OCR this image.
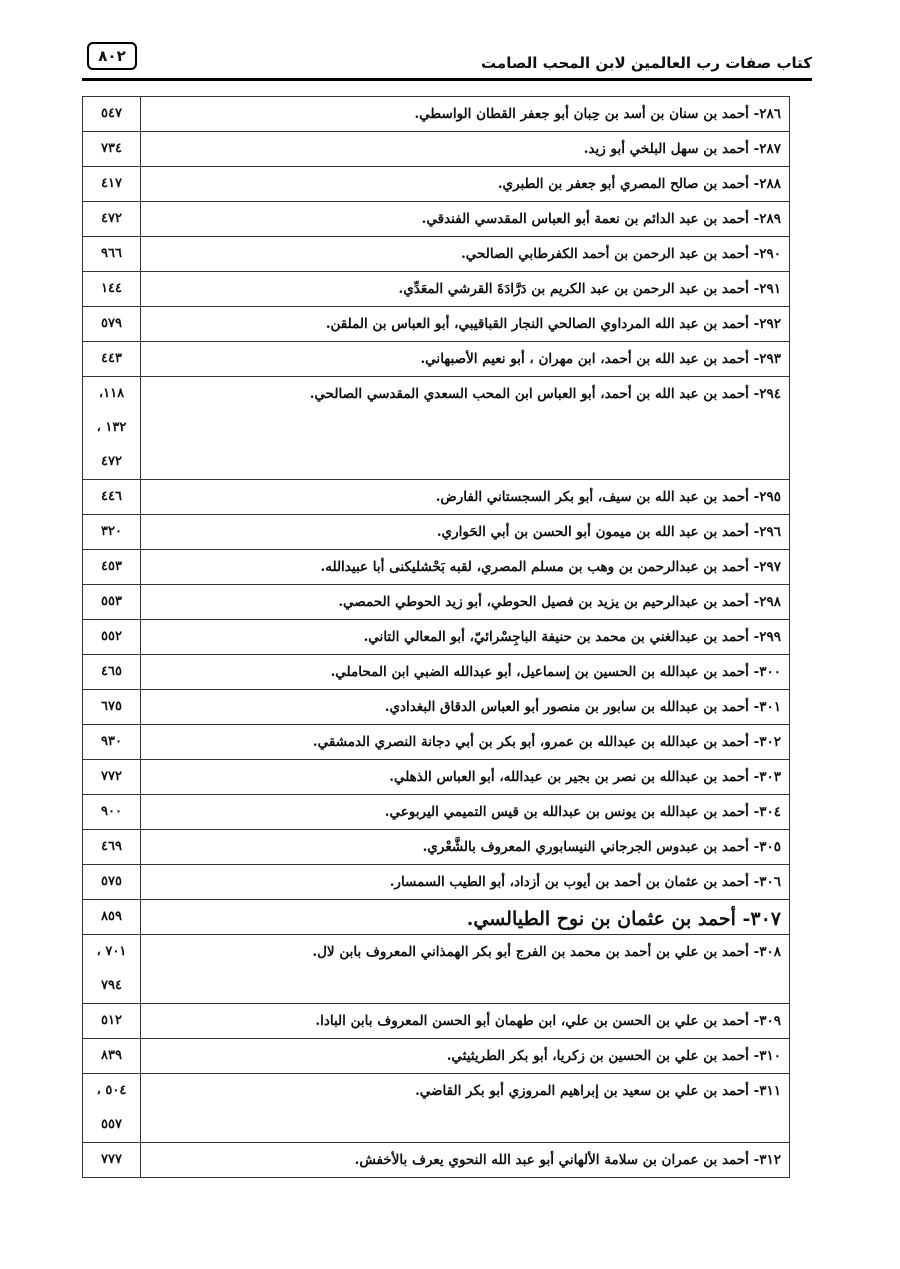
كتاب صفات رب العالمين لابن المحب الصامت
٨٠٢
٢٨٦- أحمد بن سنان بن أسد بن حِبان أبو جعفر القطان الواسطي.	٥٤٧

٢٨٧- أحمد بن سهل البلخي أبو زيد.	٧٣٤

٢٨٨- أحمد بن صالح المصري أبو جعفر بن الطبري.	٤١٧

٢٨٩- أحمد بن عبد الدائم بن نعمة أبو العباس المقدسي الفندقي.	٤٧٢

٢٩٠- أحمد بن عبد الرحمن بن أحمد الكفرطابي الصالحي.	٩٦٦

٢٩١- أحمد بن عبد الرحمن بن عبد الكريم بن دَرَّادَةَ القرشي المعَدِّي.	١٤٤

٢٩٢- أحمد بن عبد الله المرداوي الصالحي النجار القباقيبي، أبو العباس بن الملقن.	٥٧٩

٢٩٣- أحمد بن عبد الله بن أحمد، ابن مهران ، أبو نعيم الأصبهاني.	٤٤٣

٢٩٤- أحمد بن عبد الله بن أحمد، أبو العباس ابن المحب السعدي المقدسي الصالحي.	١١٨،
١٣٢ ،
٤٧٢

٢٩٥- أحمد بن عبد الله بن سيف، أبو بكر السجستاني الفارض.	٤٤٦

٢٩٦- أحمد بن عبد الله بن ميمون أبو الحسن بن أبي الحَواري.	٣٢٠

٢٩٧- أحمد بن عبدالرحمن بن وهب بن مسلم المصري، لقبه بَحْشليكنى أبا عبيدالله.	٤٥٣

٢٩٨- أحمد بن عبدالرحيم بن يزيد بن فصيل الحوطي، أبو زيد الحوطي الحمصي.	٥٥٣

٢٩٩- أحمد بن عبدالغني بن محمد بن حنيفة الباجِسْرائيّ، أبو المعالي التاني.	٥٥٢

٣٠٠- أحمد بن عبدالله بن الحسين بن إسماعيل، أبو عبدالله الضبي ابن المحاملي.	٤٦٥

٣٠١- أحمد بن عبدالله بن سابور بن منصور أبو العباس الدقاق البغدادي.	٦٧٥

٣٠٢- أحمد بن عبدالله بن عبدالله بن عمرو، أبو بكر بن أبي دجانة النصري الدمشقي.	٩٣٠

٣٠٣- أحمد بن عبدالله بن نصر بن بجير بن عبدالله، أبو العباس الذهلي.	٧٧٢

٣٠٤- أحمد بن عبدالله بن يونس بن عبدالله بن قيس التميمي اليربوعي.	٩٠٠

٣٠٥- أحمد بن عبدوس الجرجاني النيسابوري المعروف بالشَّعْري.	٤٦٩

٣٠٦- أحمد بن عثمان بن أحمد بن أيوب بن أزداد، أبو الطيب السمسار.	٥٧٥

٣٠٧- أحمد بن عثمان بن نوح الطيالسي.	٨٥٩

٣٠٨- أحمد بن علي بن أحمد بن محمد بن الفرج أبو بكر الهمذاني المعروف بابن لال.	٧٠١ ،
٧٩٤

٣٠٩- أحمد بن علي بن الحسن بن علي، ابن طهمان أبو الحسن المعروف بابن البادا.	٥١٢

٣١٠- أحمد بن علي بن الحسين بن زكريا، أبو بكر الطريثيثي.	٨٣٩

٣١١- أحمد بن علي بن سعيد بن إبراهيم المروزي أبو بكر القاضي.	٥٠٤ ،
٥٥٧

٣١٢- أحمد بن عمران بن سلامة الألهاني أبو عبد الله النحوي يعرف بالأخفش.	٧٧٧
